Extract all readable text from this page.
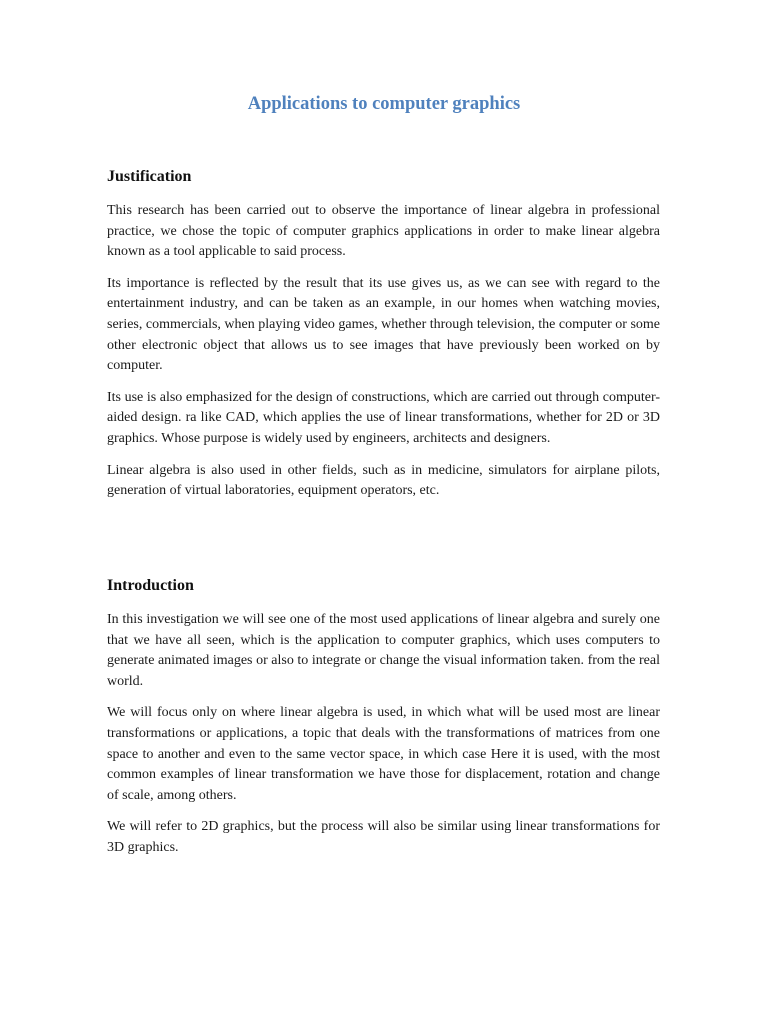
Applications to computer graphics
Justification

This research has been carried out to observe the importance of linear algebra in professional practice, we chose the topic of computer graphics applications in order to make linear algebra known as a tool applicable to said process.

Its importance is reflected by the result that its use gives us, as we can see with regard to the entertainment industry, and can be taken as an example, in our homes when watching movies, series, commercials, when playing video games, whether through television, the computer or some other electronic object that allows us to see images that have previously been worked on by computer.

Its use is also emphasized for the design of constructions, which are carried out through computer-aided design. ra like CAD, which applies the use of linear transformations, whether for 2D or 3D graphics. Whose purpose is widely used by engineers, architects and designers.

Linear algebra is also used in other fields, such as in medicine, simulators for airplane pilots, generation of virtual laboratories, equipment operators, etc.

Introduction

In this investigation we will see one of the most used applications of linear algebra and surely one that we have all seen, which is the application to computer graphics, which uses computers to generate animated images or also to integrate or change the visual information taken. from the real world.

We will focus only on where linear algebra is used, in which what will be used most are linear transformations or applications, a topic that deals with the transformations of matrices from one space to another and even to the same vector space, in which case Here it is used, with the most common examples of linear transformation we have those for displacement, rotation and change of scale, among others.

We will refer to 2D graphics, but the process will also be similar using linear transformations for 3D graphics.
